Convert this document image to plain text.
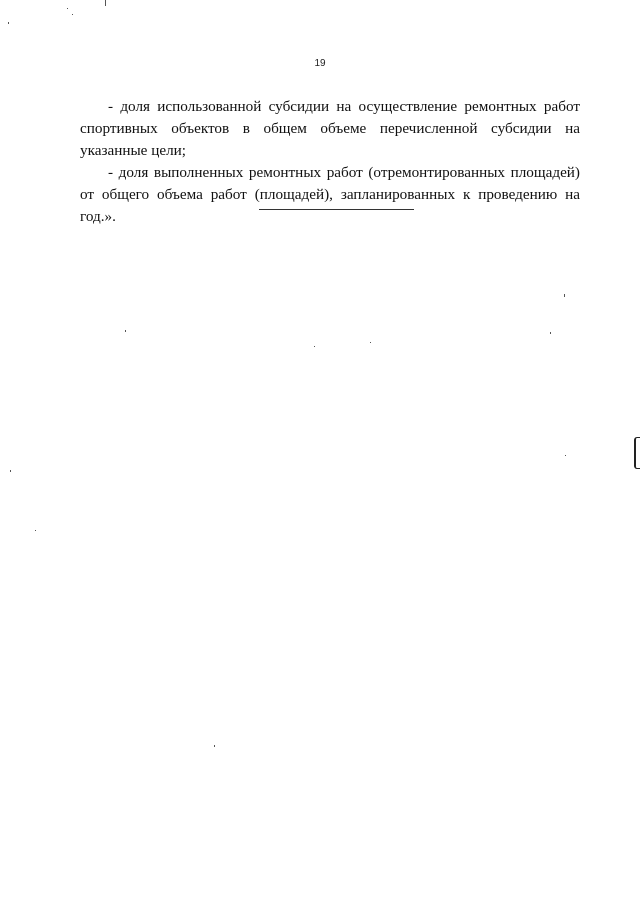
19

- доля использованной субсидии на осуществление ремонтных работ спортивных объектов в общем объеме перечисленной субсидии на указанные цели;

- доля выполненных ремонтных работ (отремонтированных площадей) от общего объема работ (площадей), запланированных к проведению на год.».
